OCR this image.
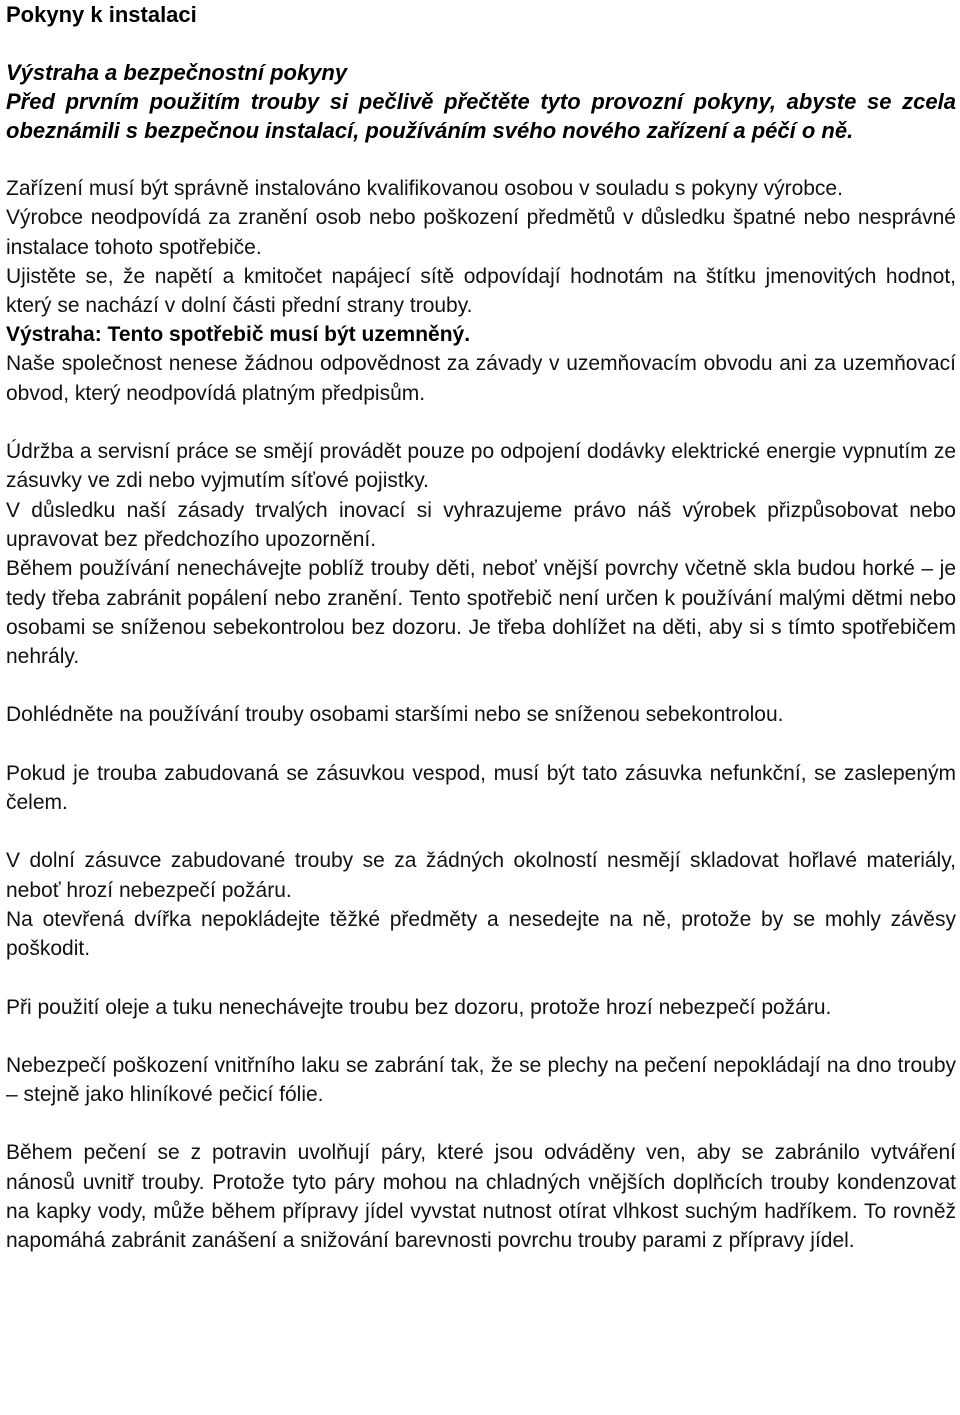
Pokyny k instalaci

Výstraha a bezpečnostní pokyny

Před prvním použitím trouby si pečlivě přečtěte tyto provozní pokyny, abyste se zcela obeznámili s bezpečnou instalací, používáním svého nového zařízení a péčí o ně.

Zařízení musí být správně instalováno kvalifikovanou osobou v souladu s pokyny výrobce.

Výrobce neodpovídá za zranění osob nebo poškození předmětů v důsledku špatné nebo nesprávné instalace tohoto spotřebiče.

Ujistěte se, že napětí a kmitočet napájecí sítě odpovídají hodnotám na štítku jmenovitých hodnot, který se nachází v dolní části přední strany trouby.

Výstraha: Tento spotřebič musí být uzemněný.

Naše společnost nenese žádnou odpovědnost za závady v uzemňovacím obvodu ani za uzemňovací obvod, který neodpovídá platným předpisům.

Údržba a servisní práce se smějí provádět pouze po odpojení dodávky elektrické energie vypnutím ze zásuvky ve zdi nebo vyjmutím síťové pojistky.

V důsledku naší zásady trvalých inovací si vyhrazujeme právo náš výrobek přizpůsobovat nebo upravovat bez předchozího upozornění.

Během používání nenechávejte poblíž trouby děti, neboť vnější povrchy včetně skla budou horké – je tedy třeba zabránit popálení nebo zranění. Tento spotřebič není určen k používání malými dětmi nebo osobami se sníženou sebekontrolou bez dozoru. Je třeba dohlížet na děti, aby si s tímto spotřebičem nehrály.

Dohlédněte na používání trouby osobami staršími nebo se sníženou sebekontrolou.

Pokud je trouba zabudovaná se zásuvkou vespod, musí být tato zásuvka nefunkční, se zaslepeným čelem.

V dolní zásuvce zabudované trouby se za žádných okolností nesmějí skladovat hořlavé materiály, neboť hrozí nebezpečí požáru.

Na otevřená dvířka nepokládejte těžké předměty a nesedejte na ně, protože by se mohly závěsy poškodit.

Při použití oleje a tuku nenechávejte troubu bez dozoru, protože hrozí nebezpečí požáru.

Nebezpečí poškození vnitřního laku se zabrání tak, že se plechy na pečení nepokládají na dno trouby – stejně jako hliníkové pečicí fólie.

Během pečení se z potravin uvolňují páry, které jsou odváděny ven, aby se zabránilo vytváření nánosů uvnitř trouby. Protože tyto páry mohou na chladných vnějších doplňcích trouby kondenzovat na kapky vody, může během přípravy jídel vyvstat nutnost otírat vlhkost suchým hadříkem. To rovněž napomáhá zabránit zanášení a snižování barevnosti povrchu trouby parami z přípravy jídel.
